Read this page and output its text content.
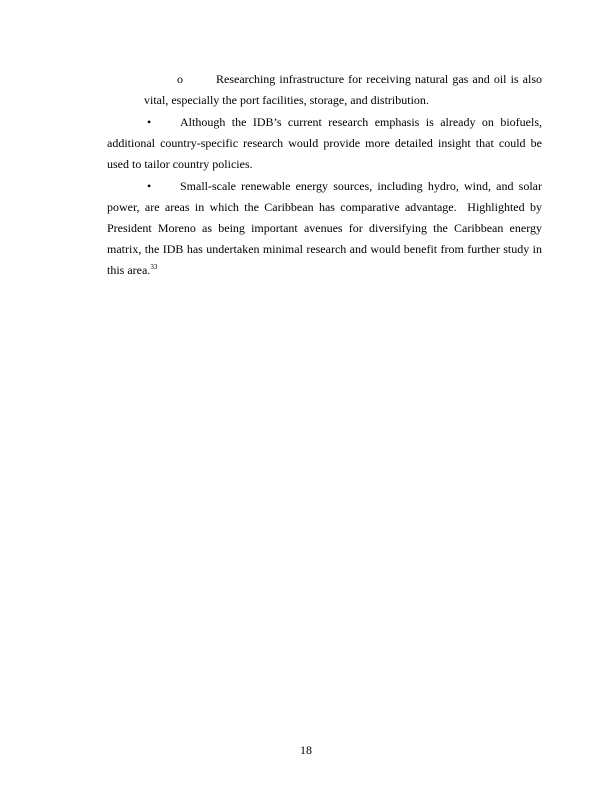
o	Researching infrastructure for receiving natural gas and oil is also
vital, especially the port facilities, storage, and distribution.
• Although the IDB’s current research emphasis is already on biofuels,
additional country-specific research would provide more detailed insight that could be
used to tailor country policies.
• Small-scale renewable energy sources, including hydro, wind, and solar
power, are areas in which the Caribbean has comparative advantage.  Highlighted by
President Moreno as being important avenues for diversifying the Caribbean energy
matrix, the IDB has undertaken minimal research and would benefit from further study in
this area.$^{33}$
18
